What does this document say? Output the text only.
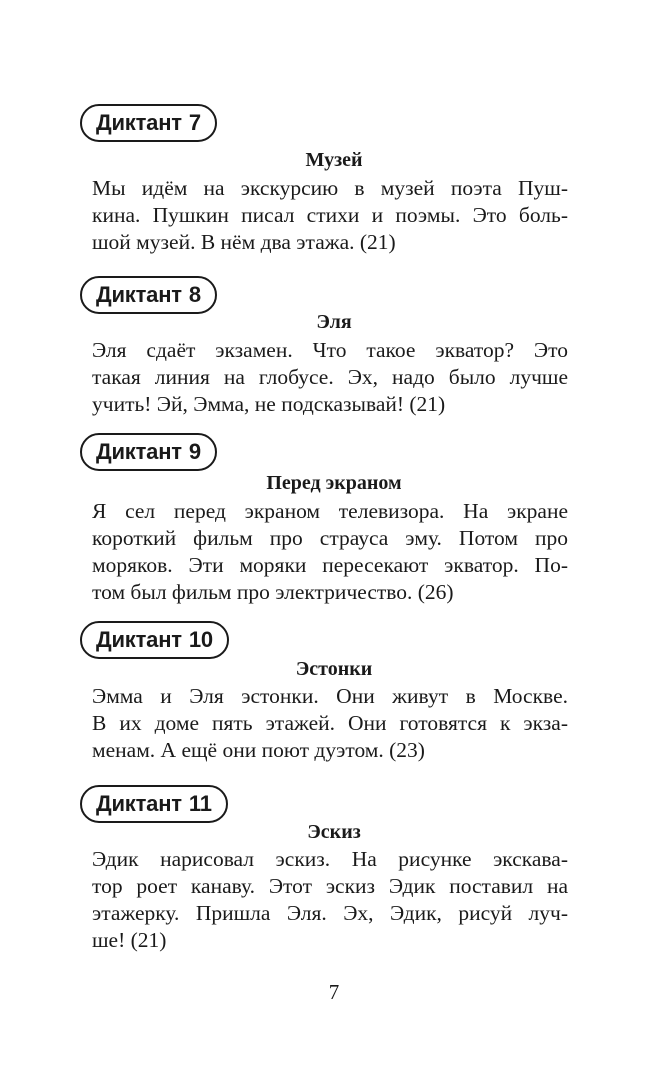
Диктант 7
Музей
Мы идём на экскурсию в музей поэта Пуш-
кина. Пушкин писал стихи и поэмы. Это боль-
шой музей. В нём два этажа. (21)
Диктант 8
Эля
Эля сдаёт экзамен. Что такое экватор? Это
такая линия на глобусе. Эх, надо было лучше
учить! Эй, Эмма, не подсказывай! (21)
Диктант 9
Перед экраном
Я сел перед экраном телевизора. На экране
короткий фильм про страуса эму. Потом про
моряков. Эти моряки пересекают экватор. По-
том был фильм про электричество. (26)
Диктант 10
Эстонки
Эмма и Эля эстонки. Они живут в Москве.
В их доме пять этажей. Они готовятся к экза-
менам. А ещё они поют дуэтом. (23)
Диктант 11
Эскиз
Эдик нарисовал эскиз. На рисунке экскава-
тор роет канаву. Этот эскиз Эдик поставил на
этажерку. Пришла Эля. Эх, Эдик, рисуй луч-
ше! (21)
7
